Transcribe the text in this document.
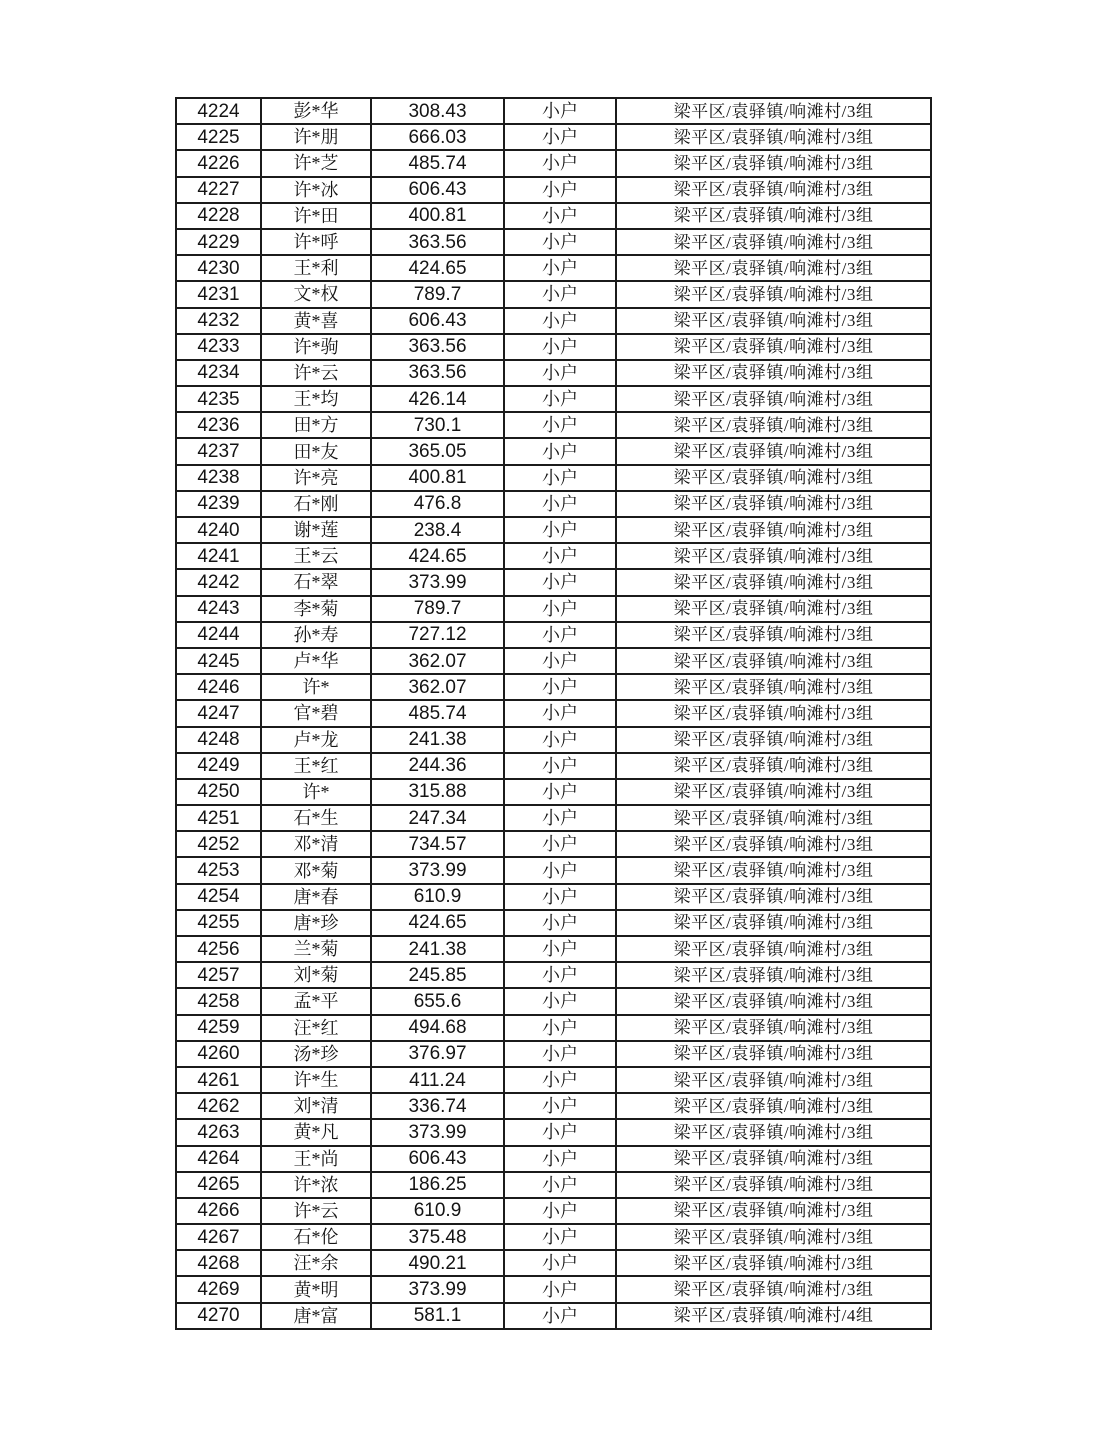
4224	彭*华	308.43	小户	梁平区/袁驿镇/响滩村/3组
4225	许*朋	666.03	小户	梁平区/袁驿镇/响滩村/3组
4226	许*芝	485.74	小户	梁平区/袁驿镇/响滩村/3组
4227	许*冰	606.43	小户	梁平区/袁驿镇/响滩村/3组
4228	许*田	400.81	小户	梁平区/袁驿镇/响滩村/3组
4229	许*呼	363.56	小户	梁平区/袁驿镇/响滩村/3组
4230	王*利	424.65	小户	梁平区/袁驿镇/响滩村/3组
4231	文*权	789.7	小户	梁平区/袁驿镇/响滩村/3组
4232	黄*喜	606.43	小户	梁平区/袁驿镇/响滩村/3组
4233	许*驹	363.56	小户	梁平区/袁驿镇/响滩村/3组
4234	许*云	363.56	小户	梁平区/袁驿镇/响滩村/3组
4235	王*均	426.14	小户	梁平区/袁驿镇/响滩村/3组
4236	田*方	730.1	小户	梁平区/袁驿镇/响滩村/3组
4237	田*友	365.05	小户	梁平区/袁驿镇/响滩村/3组
4238	许*亮	400.81	小户	梁平区/袁驿镇/响滩村/3组
4239	石*刚	476.8	小户	梁平区/袁驿镇/响滩村/3组
4240	谢*莲	238.4	小户	梁平区/袁驿镇/响滩村/3组
4241	王*云	424.65	小户	梁平区/袁驿镇/响滩村/3组
4242	石*翠	373.99	小户	梁平区/袁驿镇/响滩村/3组
4243	李*菊	789.7	小户	梁平区/袁驿镇/响滩村/3组
4244	孙*寿	727.12	小户	梁平区/袁驿镇/响滩村/3组
4245	卢*华	362.07	小户	梁平区/袁驿镇/响滩村/3组
4246	许*	362.07	小户	梁平区/袁驿镇/响滩村/3组
4247	官*碧	485.74	小户	梁平区/袁驿镇/响滩村/3组
4248	卢*龙	241.38	小户	梁平区/袁驿镇/响滩村/3组
4249	王*红	244.36	小户	梁平区/袁驿镇/响滩村/3组
4250	许*	315.88	小户	梁平区/袁驿镇/响滩村/3组
4251	石*生	247.34	小户	梁平区/袁驿镇/响滩村/3组
4252	邓*清	734.57	小户	梁平区/袁驿镇/响滩村/3组
4253	邓*菊	373.99	小户	梁平区/袁驿镇/响滩村/3组
4254	唐*春	610.9	小户	梁平区/袁驿镇/响滩村/3组
4255	唐*珍	424.65	小户	梁平区/袁驿镇/响滩村/3组
4256	兰*菊	241.38	小户	梁平区/袁驿镇/响滩村/3组
4257	刘*菊	245.85	小户	梁平区/袁驿镇/响滩村/3组
4258	孟*平	655.6	小户	梁平区/袁驿镇/响滩村/3组
4259	汪*红	494.68	小户	梁平区/袁驿镇/响滩村/3组
4260	汤*珍	376.97	小户	梁平区/袁驿镇/响滩村/3组
4261	许*生	411.24	小户	梁平区/袁驿镇/响滩村/3组
4262	刘*清	336.74	小户	梁平区/袁驿镇/响滩村/3组
4263	黄*凡	373.99	小户	梁平区/袁驿镇/响滩村/3组
4264	王*尚	606.43	小户	梁平区/袁驿镇/响滩村/3组
4265	许*浓	186.25	小户	梁平区/袁驿镇/响滩村/3组
4266	许*云	610.9	小户	梁平区/袁驿镇/响滩村/3组
4267	石*伦	375.48	小户	梁平区/袁驿镇/响滩村/3组
4268	汪*余	490.21	小户	梁平区/袁驿镇/响滩村/3组
4269	黄*明	373.99	小户	梁平区/袁驿镇/响滩村/3组
4270	唐*富	581.1	小户	梁平区/袁驿镇/响滩村/4组
